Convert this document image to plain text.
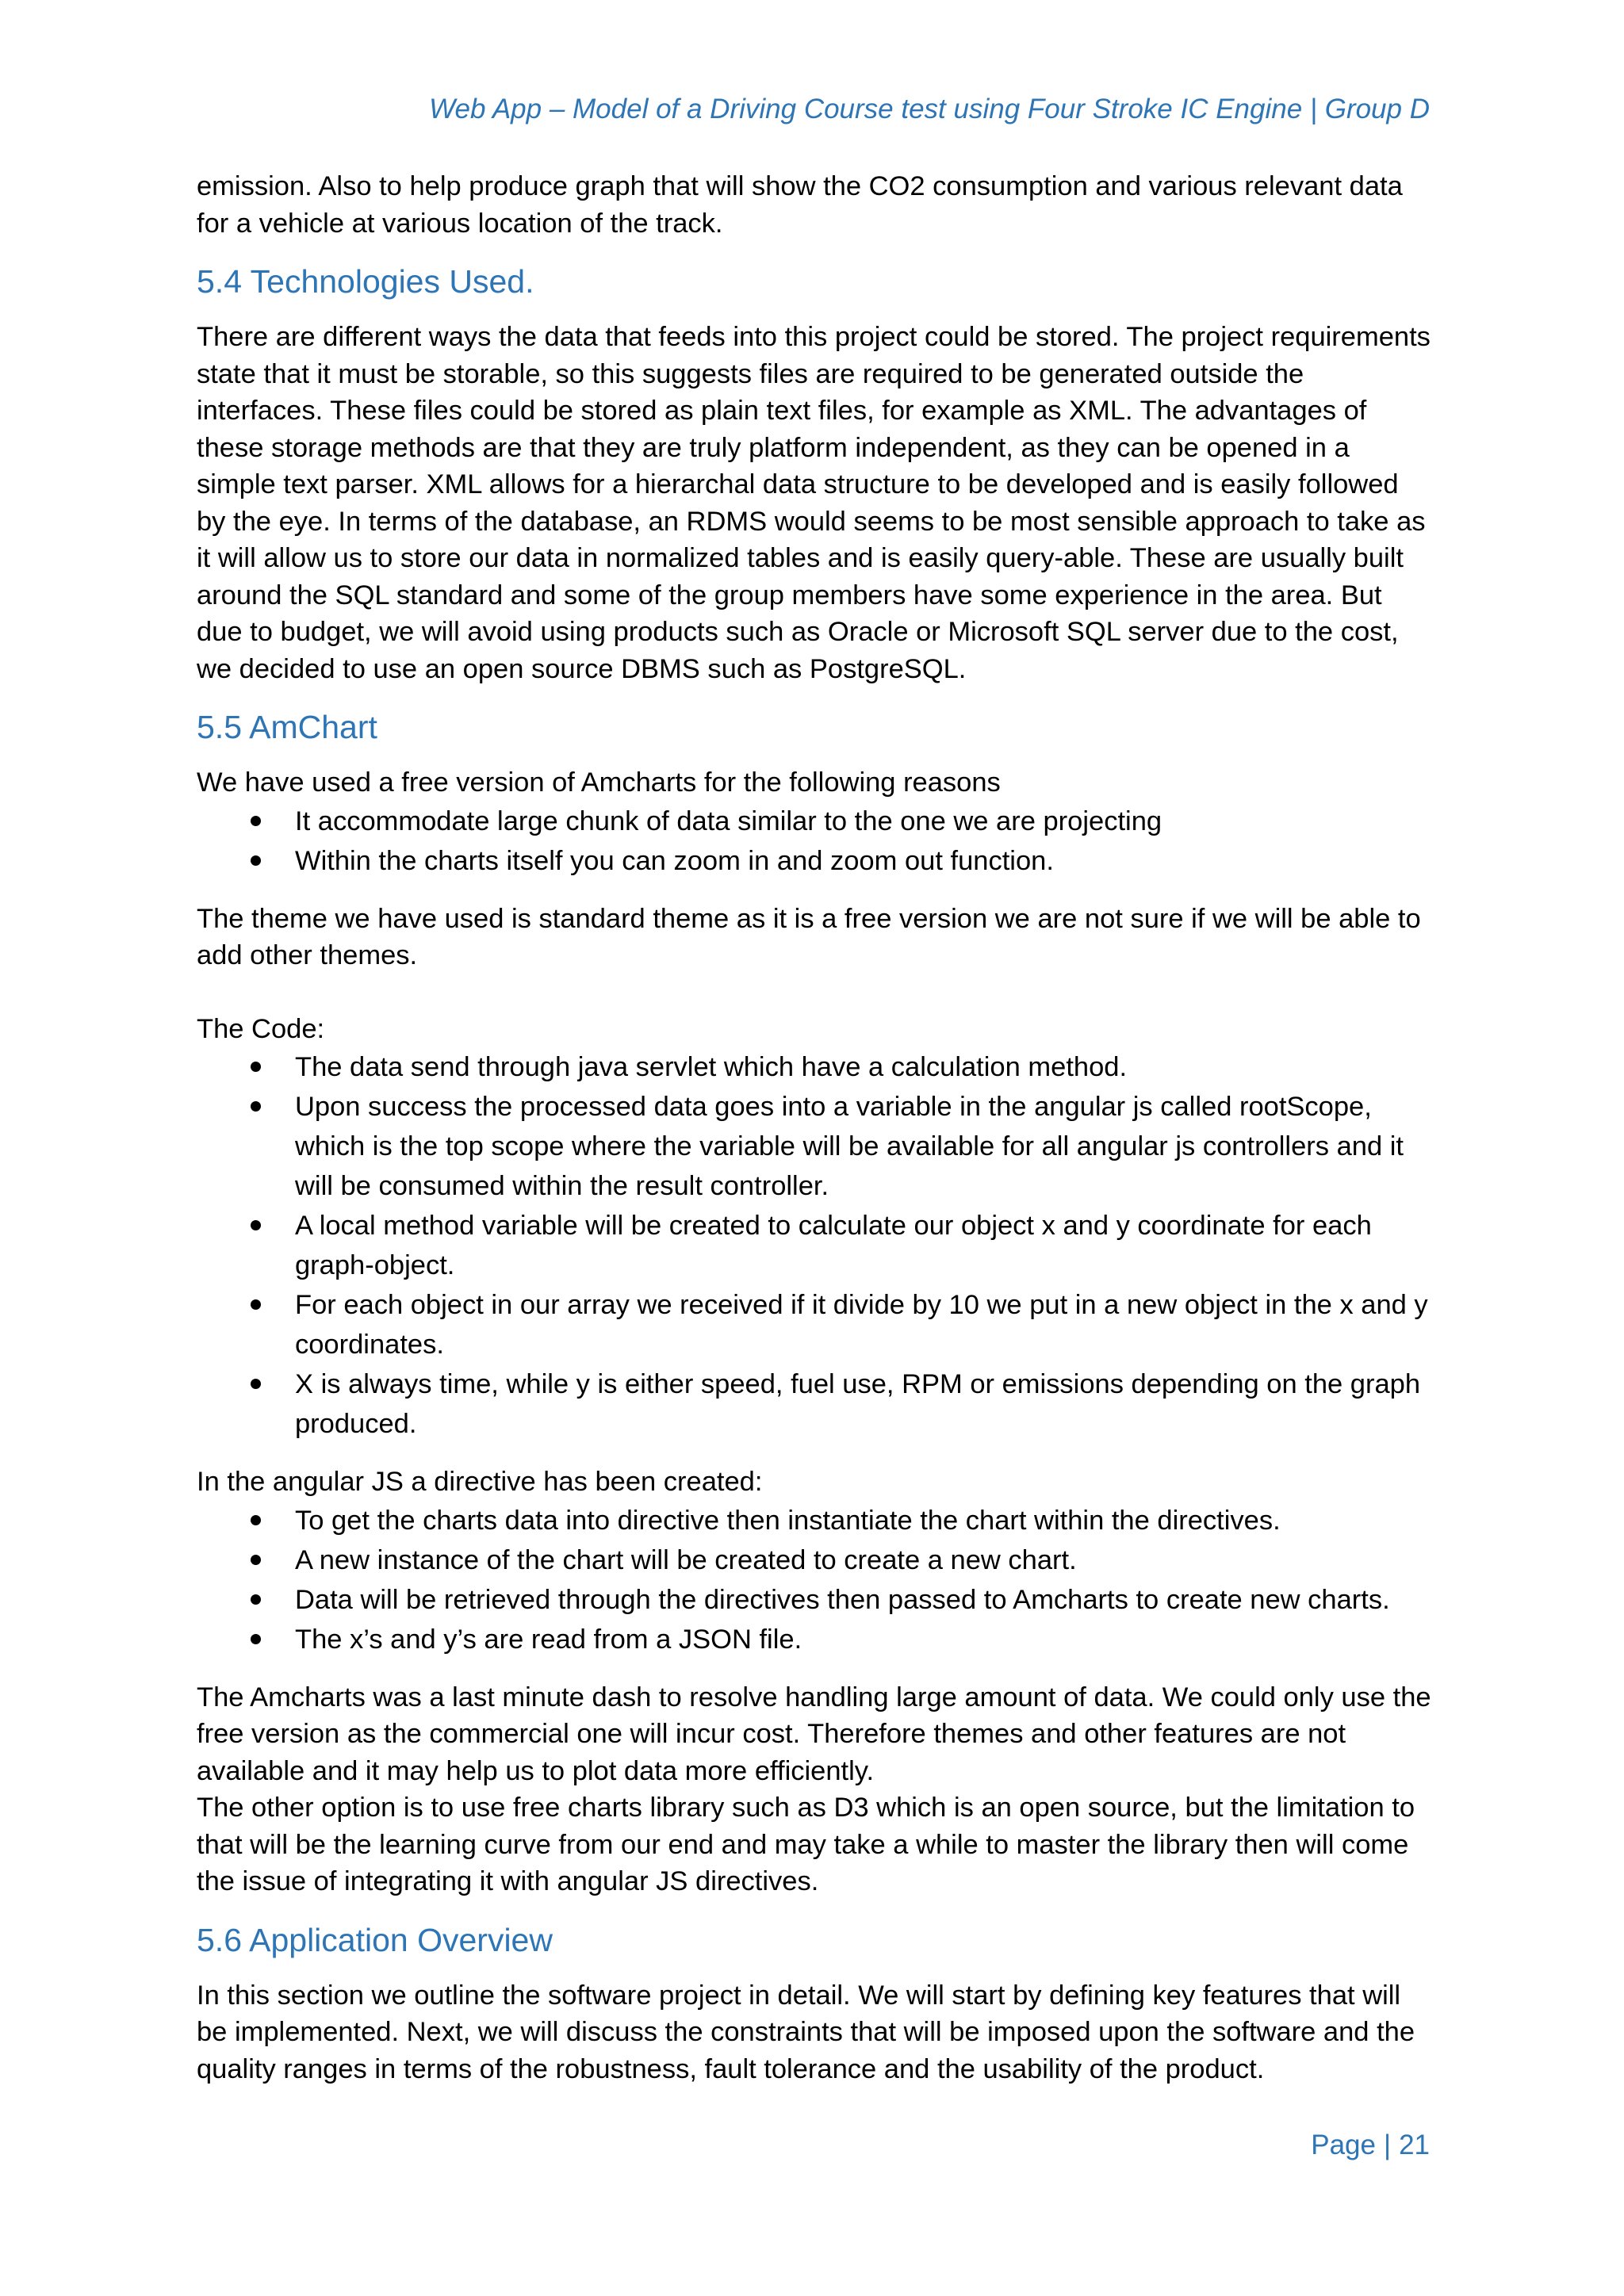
Web App – Model of a Driving Course test using Four Stroke IC Engine | Group D

emission. Also to help produce graph that will show the CO2 consumption and various relevant data for a vehicle at various location of the track.

5.4 Technologies Used.

There are different ways the data that feeds into this project could be stored. The project requirements state that it must be storable, so this suggests files are required to be generated outside the interfaces. These files could be stored as plain text files, for example as XML. The advantages of these storage methods are that they are truly platform independent, as they can be opened in a simple text parser. XML allows for a hierarchal data structure to be developed and is easily followed by the eye. In terms of the database, an RDMS would seems to be most sensible approach to take as it will allow us to store our data in normalized tables and is easily query-able. These are usually built around the SQL standard and some of the group members have some experience in the area. But due to budget, we will avoid using products such as Oracle or Microsoft SQL server due to the cost, we decided to use an open source DBMS such as PostgreSQL.

5.5 AmChart

We have used a free version of Amcharts for the following reasons

It accommodate large chunk of data similar to the one we are projecting
Within the charts itself you can zoom in and zoom out function.

The theme we have used is standard theme as it is a free version we are not sure if we will be able to add other themes.

The Code:

The data send through java servlet which have a calculation method.
Upon success the processed data goes into a variable in the angular js called rootScope, which is the top scope where the variable will be available for all angular js controllers and it will be consumed within the result controller.
A local method variable will be created to calculate our object x and y coordinate for each graph-object.
For each object in our array we received if it divide by 10 we put in a new object in the x and y coordinates.
X is always time, while y is either speed, fuel use, RPM or emissions depending on the graph produced.

In the angular JS a directive has been created:

To get the charts data into directive then instantiate the chart within the directives.
A new instance of the chart will be created to create a new chart.
Data will be retrieved through the directives then passed to Amcharts to create new charts.
The x’s and y’s are read from a JSON file.

The Amcharts was a last minute dash to resolve handling large amount of data. We could only use the free version as the commercial one will incur cost. Therefore themes and other features are not available and it may help us to plot data more efficiently.

The other option is to use free charts library such as D3 which is an open source, but the limitation to that will be the learning curve from our end and may take a while to master the library then will come the issue of integrating it with angular JS directives.

5.6 Application Overview

In this section we outline the software project in detail. We will start by defining key features that will be implemented. Next, we will discuss the constraints that will be imposed upon the software and the quality ranges in terms of the robustness, fault tolerance and the usability of the product.

Page | 21
